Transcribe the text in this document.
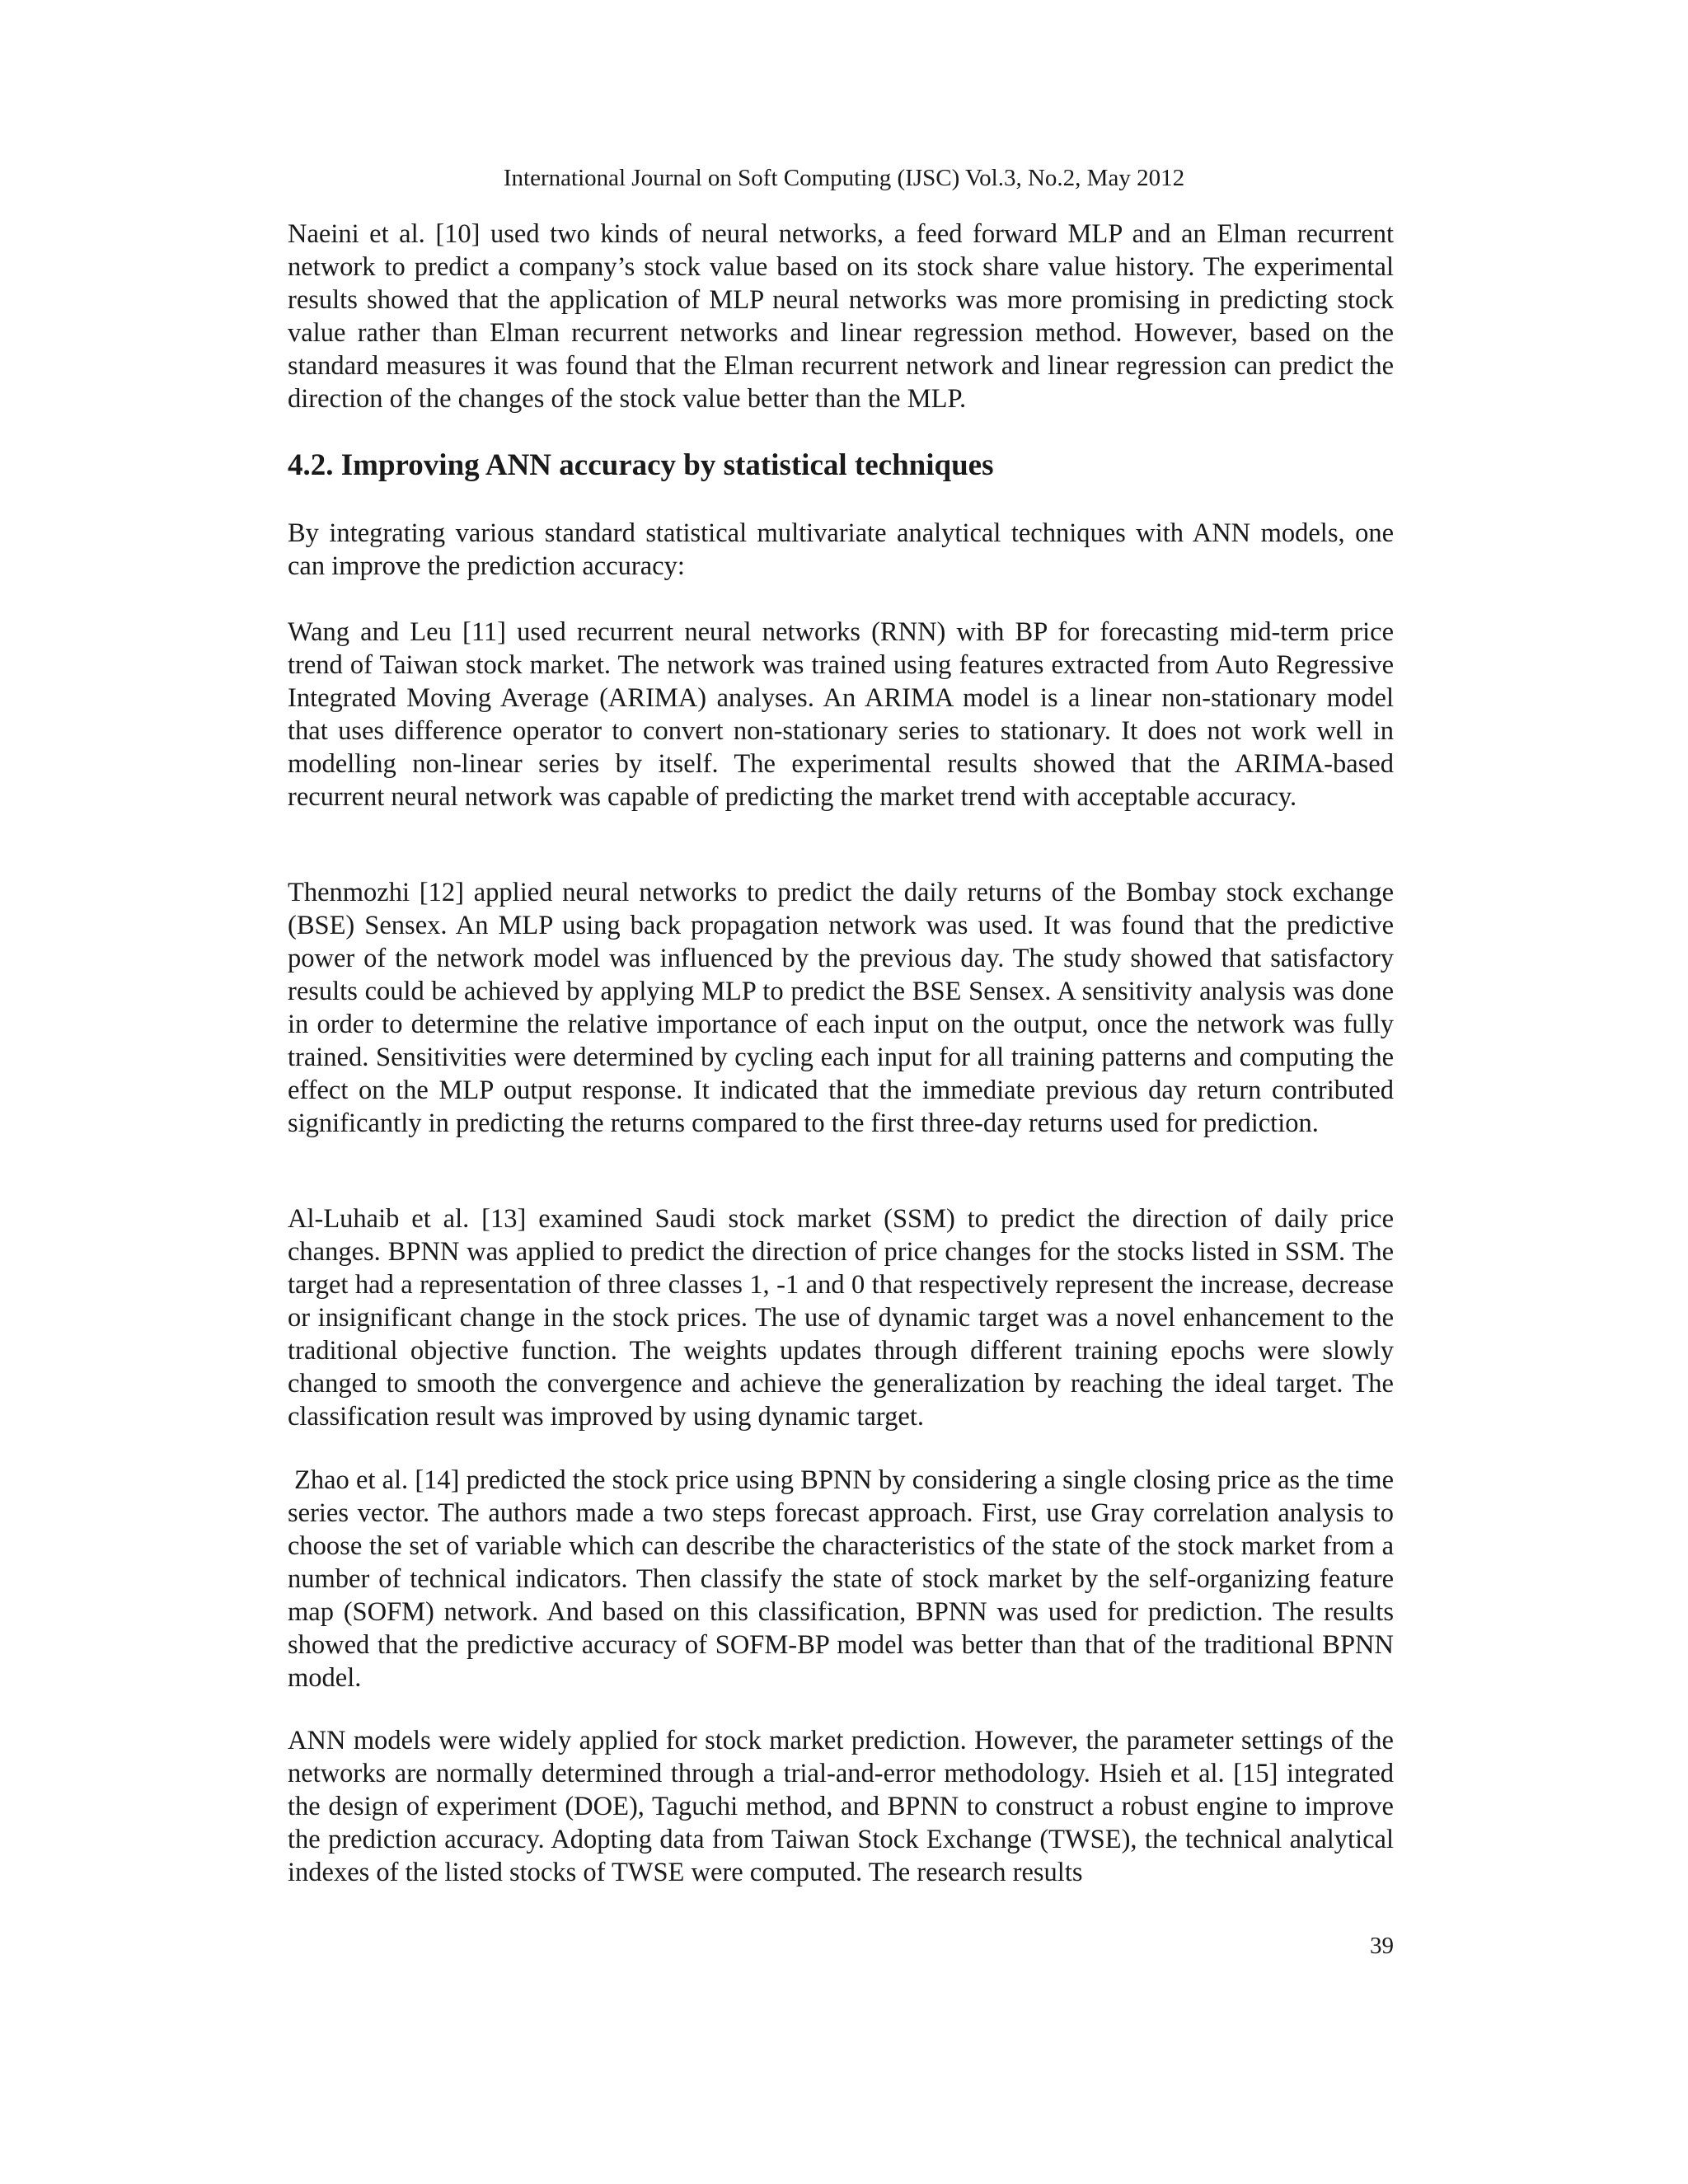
International Journal on Soft Computing (IJSC) Vol.3, No.2, May 2012

Naeini et al. [10] used two kinds of neural networks, a feed forward MLP and an Elman recurrent network to predict a company’s stock value based on its stock share value history. The experimental results showed that the application of MLP neural networks was more promising in predicting stock value rather than Elman recurrent networks and linear regression method. However, based on the standard measures it was found that the Elman recurrent network and linear regression can predict the direction of the changes of the stock value better than the MLP.

4.2. Improving ANN accuracy by statistical techniques

By integrating various standard statistical multivariate analytical techniques with ANN models, one can improve the prediction accuracy:

Wang and Leu [11] used recurrent neural networks (RNN) with BP for forecasting mid-term price trend of Taiwan stock market. The network was trained using features extracted from Auto Regressive Integrated Moving Average (ARIMA) analyses. An ARIMA model is a linear non-stationary model that uses difference operator to convert non-stationary series to stationary. It does not work well in modelling non-linear series by itself. The experimental results showed that the ARIMA-based recurrent neural network was capable of predicting the market trend with acceptable accuracy.

Thenmozhi [12] applied neural networks to predict the daily returns of the Bombay stock exchange (BSE) Sensex. An MLP using back propagation network was used. It was found that the predictive power of the network model was influenced by the previous day. The study showed that satisfactory results could be achieved by applying MLP to predict the BSE Sensex. A sensitivity analysis was done in order to determine the relative importance of each input on the output, once the network was fully trained. Sensitivities were determined by cycling each input for all training patterns and computing the effect on the MLP output response. It indicated that the immediate previous day return contributed significantly in predicting the returns compared to the first three-day returns used for prediction.

Al-Luhaib et al. [13] examined Saudi stock market (SSM) to predict the direction of daily price changes. BPNN was applied to predict the direction of price changes for the stocks listed in SSM. The target had a representation of three classes 1, -1 and 0 that respectively represent the increase, decrease or insignificant change in the stock prices. The use of dynamic target was a novel enhancement to the traditional objective function. The weights updates through different training epochs were slowly changed to smooth the convergence and achieve the generalization by reaching the ideal target. The classification result was improved by using dynamic target.

Zhao et al. [14] predicted the stock price using BPNN by considering a single closing price as the time series vector. The authors made a two steps forecast approach. First, use Gray correlation analysis to choose the set of variable which can describe the characteristics of the state of the stock market from a number of technical indicators. Then classify the state of stock market by the self-organizing feature map (SOFM) network. And based on this classification, BPNN was used for prediction. The results showed that the predictive accuracy of SOFM-BP model was better than that of the traditional BPNN model.

ANN models were widely applied for stock market prediction. However, the parameter settings of the networks are normally determined through a trial-and-error methodology. Hsieh et al. [15] integrated the design of experiment (DOE), Taguchi method, and BPNN to construct a robust engine to improve the prediction accuracy. Adopting data from Taiwan Stock Exchange (TWSE), the technical analytical indexes of the listed stocks of TWSE were computed. The research results

39
